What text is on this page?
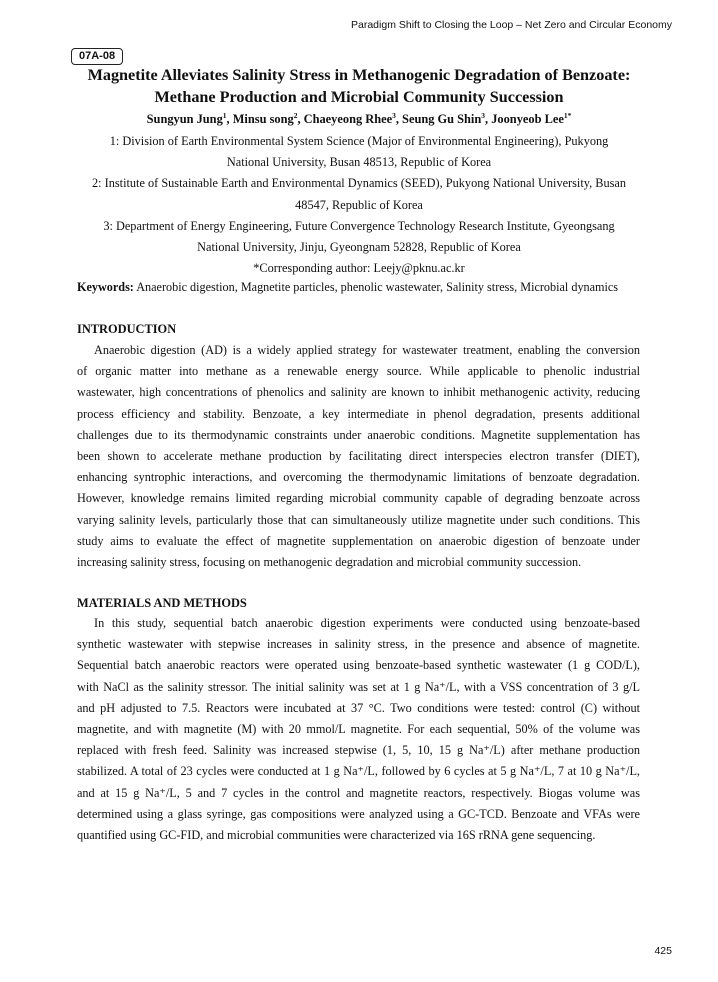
Paradigm Shift to Closing the Loop – Net Zero and Circular Economy
07A-08
Magnetite Alleviates Salinity Stress in Methanogenic Degradation of Benzoate:
Methane Production and Microbial Community Succession
Sungyun Jung$^1$, Minsu song$^2$, Chaeyeong Rhee$^3$, Seung Gu Shin$^3$, Joonyeob Lee$^{1*}$
1: Division of Earth Environmental System Science (Major of Environmental Engineering), Pukyong
National University, Busan 48513, Republic of Korea
2: Institute of Sustainable Earth and Environmental Dynamics (SEED), Pukyong National University, Busan
48547, Republic of Korea
3: Department of Energy Engineering, Future Convergence Technology Research Institute, Gyeongsang
National University, Jinju, Gyeongnam 52828, Republic of Korea
*Corresponding author: Leejy@pknu.ac.kr
Keywords: Anaerobic digestion, Magnetite particles, phenolic wastewater, Salinity stress, Microbial dynamics
INTRODUCTION
Anaerobic digestion (AD) is a widely applied strategy for wastewater treatment, enabling the conversion
of organic matter into methane as a renewable energy source. While applicable to phenolic industrial
wastewater, high concentrations of phenolics and salinity are known to inhibit methanogenic activity, reducing
process efficiency and stability. Benzoate, a key intermediate in phenol degradation, presents additional
challenges due to its thermodynamic constraints under anaerobic conditions. Magnetite supplementation has
been shown to accelerate methane production by facilitating direct interspecies electron transfer (DIET),
enhancing syntrophic interactions, and overcoming the thermodynamic limitations of benzoate degradation.
However, knowledge remains limited regarding microbial community capable of degrading benzoate across
varying salinity levels, particularly those that can simultaneously utilize magnetite under such conditions. This
study aims to evaluate the effect of magnetite supplementation on anaerobic digestion of benzoate under
increasing salinity stress, focusing on methanogenic degradation and microbial community succession.
MATERIALS AND METHODS
In this study, sequential batch anaerobic digestion experiments were conducted using benzoate-based
synthetic wastewater with stepwise increases in salinity stress, in the presence and absence of magnetite.
Sequential batch anaerobic reactors were operated using benzoate-based synthetic wastewater (1 g COD/L),
with NaCl as the salinity stressor. The initial salinity was set at 1 g Na⁺/L, with a VSS concentration of 3 g/L
and pH adjusted to 7.5. Reactors were incubated at 37 °C. Two conditions were tested: control (C) without
magnetite, and with magnetite (M) with 20 mmol/L magnetite. For each sequential, 50% of the volume was
replaced with fresh feed. Salinity was increased stepwise (1, 5, 10, 15 g Na⁺/L) after methane production
stabilized. A total of 23 cycles were conducted at 1 g Na⁺/L, followed by 6 cycles at 5 g Na⁺/L, 7 at 10 g Na⁺/L,
and at 15 g Na⁺/L, 5 and 7 cycles in the control and magnetite reactors, respectively. Biogas volume was
determined using a glass syringe, gas compositions were analyzed using a GC-TCD. Benzoate and VFAs were
quantified using GC-FID, and microbial communities were characterized via 16S rRNA gene sequencing.
425
